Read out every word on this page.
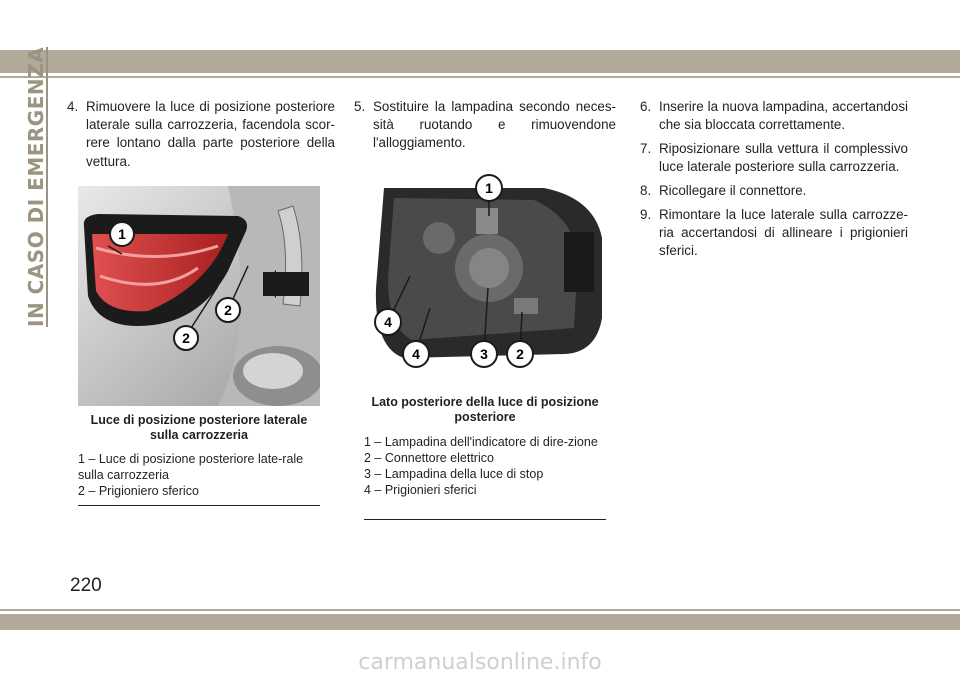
IN CASO DI EMERGENZA 4. Rimuovere la luce di posizione posteriore laterale sulla carrozzeria, facendola scor-rere lontano dalla parte posteriore della vettura.
5. Sostituire la lampadina secondo neces-sità ruotando e rimuovendone l'alloggiamento.
6. Inserire la nuova lampadina, accertandosi che sia bloccata correttamente.
7. Riposizionare sulla vettura il complessivo luce laterale posteriore sulla carrozzeria.
8. Ricollegare il connettore.
9. Rimontare la luce laterale sulla carrozze-ria accertandosi di allineare i prigionieri sferici.
1
2
2
Luce di posizione posteriore laterale sulla carrozzeria
1 – Luce di posizione posteriore late-rale sulla carrozzeria
2 – Prigioniero sferico
1
4
4	3 2
Lato posteriore della luce di posizione posteriore
1 – Lampadina dell'indicatore di dire-zione
2 – Connettore elettrico
3 – Lampadina della luce di stop
4 – Prigionieri sferici
220
carmanualsonline.info
